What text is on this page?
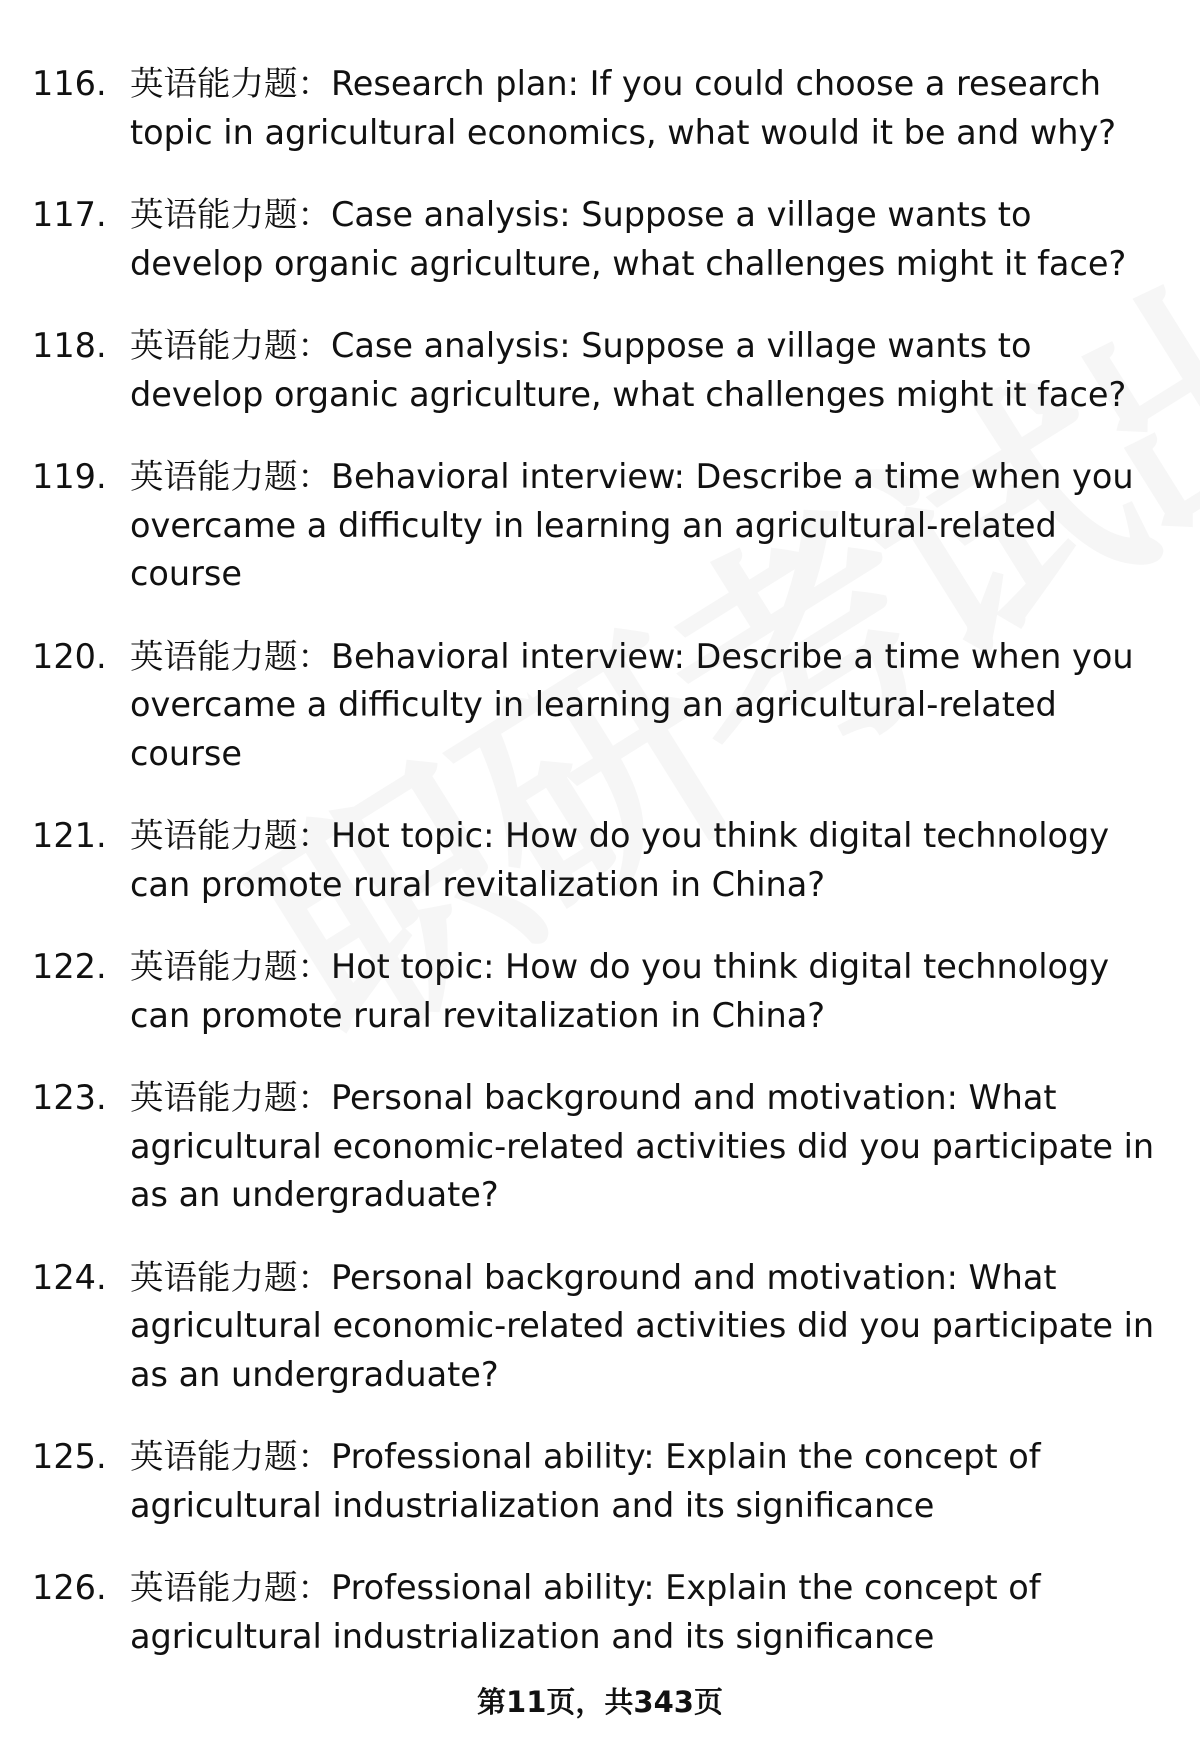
116. 英语能力题：Research plan: If you could choose a research topic in agricultural economics, what would it be and why?
117. 英语能力题：Case analysis: Suppose a village wants to develop organic agriculture, what challenges might it face?
118. 英语能力题：Case analysis: Suppose a village wants to develop organic agriculture, what challenges might it face?
119. 英语能力题：Behavioral interview: Describe a time when you overcame a difficulty in learning an agricultural-related course
120. 英语能力题：Behavioral interview: Describe a time when you overcame a difficulty in learning an agricultural-related course
121. 英语能力题：Hot topic: How do you think digital technology can promote rural revitalization in China?
122. 英语能力题：Hot topic: How do you think digital technology can promote rural revitalization in China?
123. 英语能力题：Personal background and motivation: What agricultural economic-related activities did you participate in as an undergraduate?
124. 英语能力题：Personal background and motivation: What agricultural economic-related activities did you participate in as an undergraduate?
125. 英语能力题：Professional ability: Explain the concept of agricultural industrialization and its significance
126. 英语能力题：Professional ability: Explain the concept of agricultural industrialization and its significance
第11页，共343页
